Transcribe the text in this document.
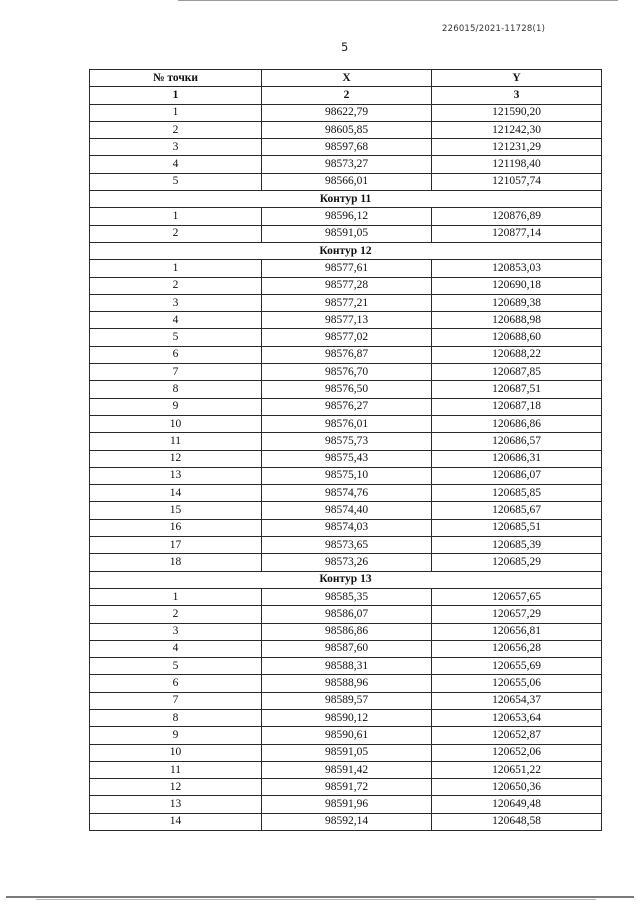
226015/2021-11728(1)
5
№ точки	X	Y
1	2	3
1	98622,79	121590,20
2	98605,85	121242,30
3	98597,68	121231,29
4	98573,27	121198,40
5	98566,01	121057,74
Контур 11		
1	98596,12	120876,89
2	98591,05	120877,14
Контур 12		
1	98577,61	120853,03
2	98577,28	120690,18
3	98577,21	120689,38
4	98577,13	120688,98
5	98577,02	120688,60
6	98576,87	120688,22
7	98576,70	120687,85
8	98576,50	120687,51
9	98576,27	120687,18
10	98576,01	120686,86
11	98575,73	120686,57
12	98575,43	120686,31
13	98575,10	120686,07
14	98574,76	120685,85
15	98574,40	120685,67
16	98574,03	120685,51
17	98573,65	120685,39
18	98573,26	120685,29
Контур 13		
1	98585,35	120657,65
2	98586,07	120657,29
3	98586,86	120656,81
4	98587,60	120656,28
5	98588,31	120655,69
6	98588,96	120655,06
7	98589,57	120654,37
8	98590,12	120653,64
9	98590,61	120652,87
10	98591,05	120652,06
11	98591,42	120651,22
12	98591,72	120650,36
13	98591,96	120649,48
14	98592,14	120648,58
